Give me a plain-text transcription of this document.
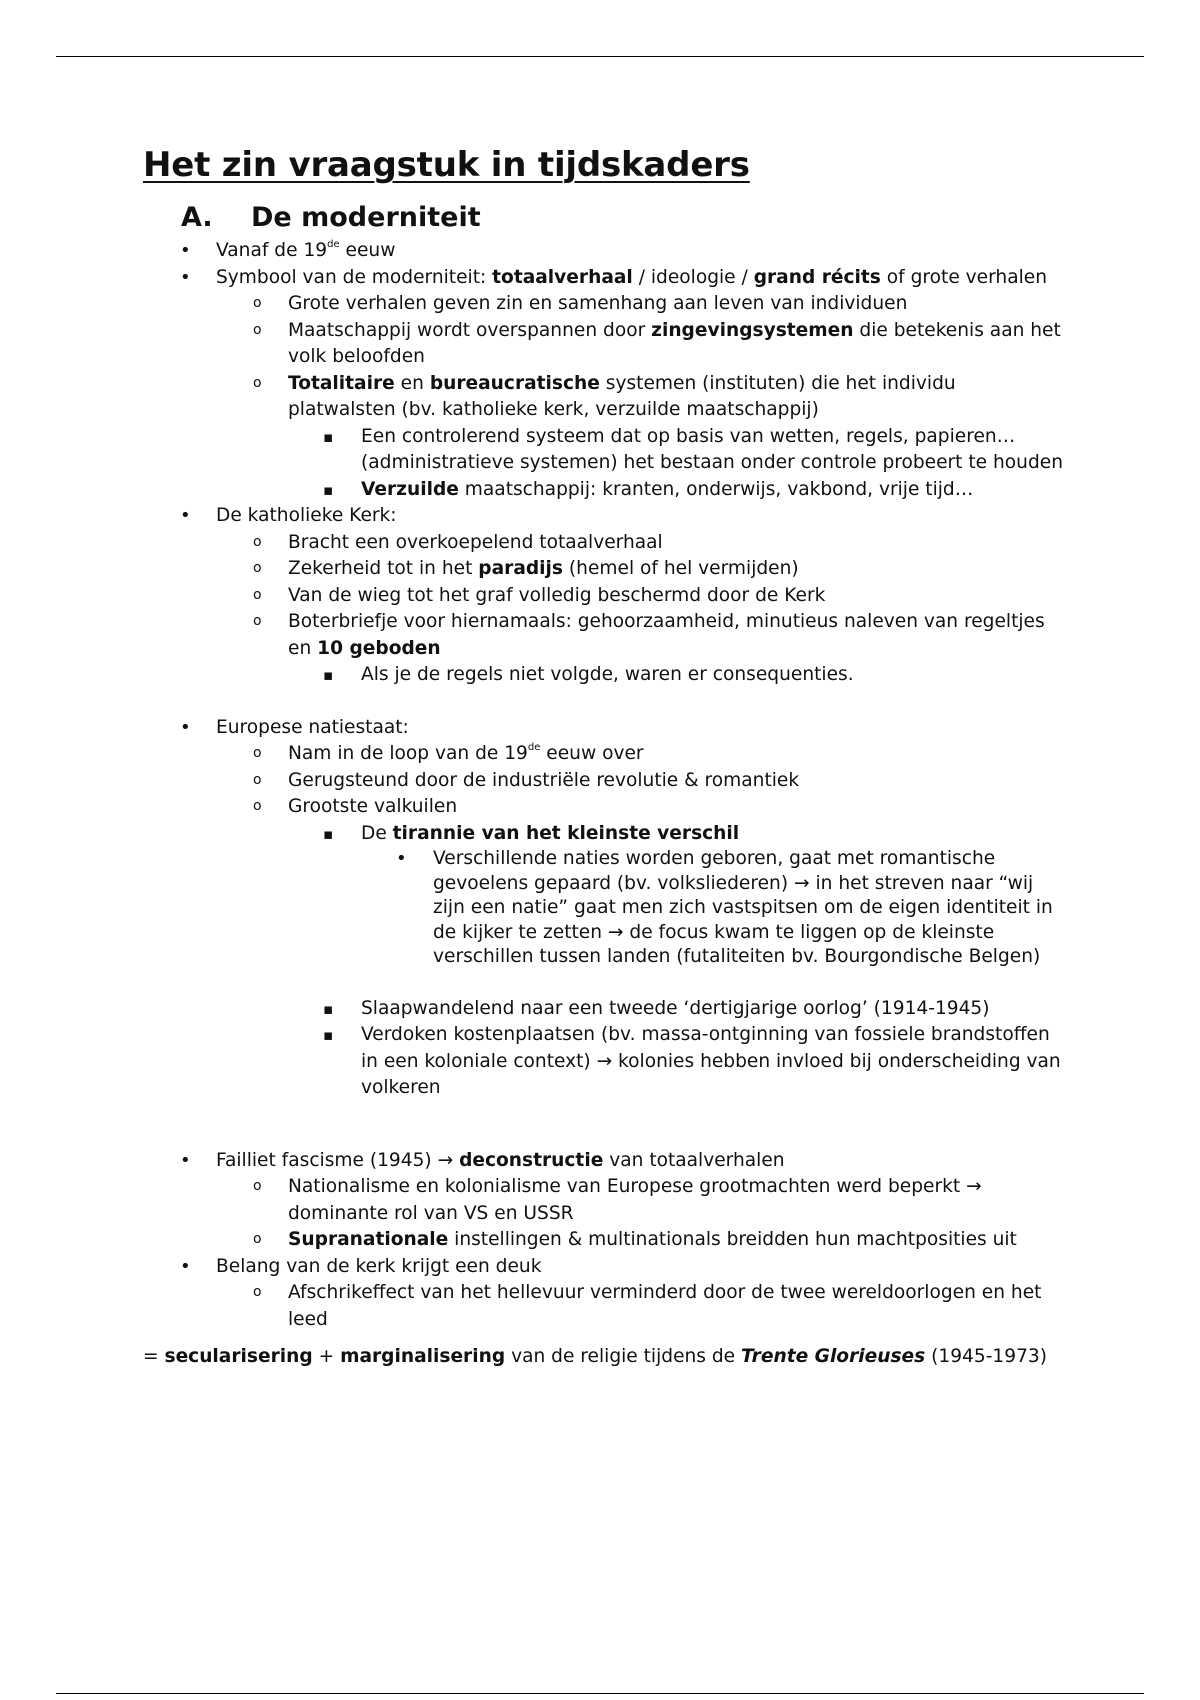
Het zin vraagstuk in tijdskaders
A. De moderniteit
• Vanaf de 19de eeuw
• Symbool van de moderniteit: totaalverhaal / ideologie / grand récits of grote verhalen
o Grote verhalen geven zin en samenhang aan leven van individuen
o Maatschappij wordt overspannen door zingevingsystemen die betekenis aan het volk beloofden
o Totalitaire en bureaucratische systemen (instituten) die het individu platwalsten (bv. katholieke kerk, verzuilde maatschappij)
▪ Een controlerend systeem dat op basis van wetten, regels, papieren… (administratieve systemen) het bestaan onder controle probeert te houden
▪ Verzuilde maatschappij: kranten, onderwijs, vakbond, vrije tijd…
• De katholieke Kerk:
o Bracht een overkoepelend totaalverhaal
o Zekerheid tot in het paradijs (hemel of hel vermijden)
o Van de wieg tot het graf volledig beschermd door de Kerk
o Boterbriefje voor hiernamaals: gehoorzaamheid, minutieus naleven van regeltjes en 10 geboden
▪ Als je de regels niet volgde, waren er consequenties.
• Europese natiestaat:
o Nam in de loop van de 19de eeuw over
o Gerugsteund door de industriële revolutie & romantiek
o Grootste valkuilen
▪ De tirannie van het kleinste verschil
• Verschillende naties worden geboren, gaat met romantische gevoelens gepaard (bv. volksliederen) → in het streven naar “wij zijn een natie” gaat men zich vastspitsen om de eigen identiteit in de kijker te zetten → de focus kwam te liggen op de kleinste verschillen tussen landen (futaliteiten bv. Bourgondische Belgen)
▪ Slaapwandelend naar een tweede ‘dertigjarige oorlog’ (1914-1945)
▪ Verdoken kostenplaatsen (bv. massa-ontginning van fossiele brandstoffen in een koloniale context) → kolonies hebben invloed bij onderscheiding van volkeren
• Failliet fascisme (1945) → deconstructie van totaalverhalen
o Nationalisme en kolonialisme van Europese grootmachten werd beperkt → dominante rol van VS en USSR
o Supranationale instellingen & multinationals breidden hun machtposities uit
• Belang van de kerk krijgt een deuk
o Afschrikeffect van het hellevuur verminderd door de twee wereldoorlogen en het leed
= secularisering + marginalisering van de religie tijdens de Trente Glorieuses (1945-1973)
